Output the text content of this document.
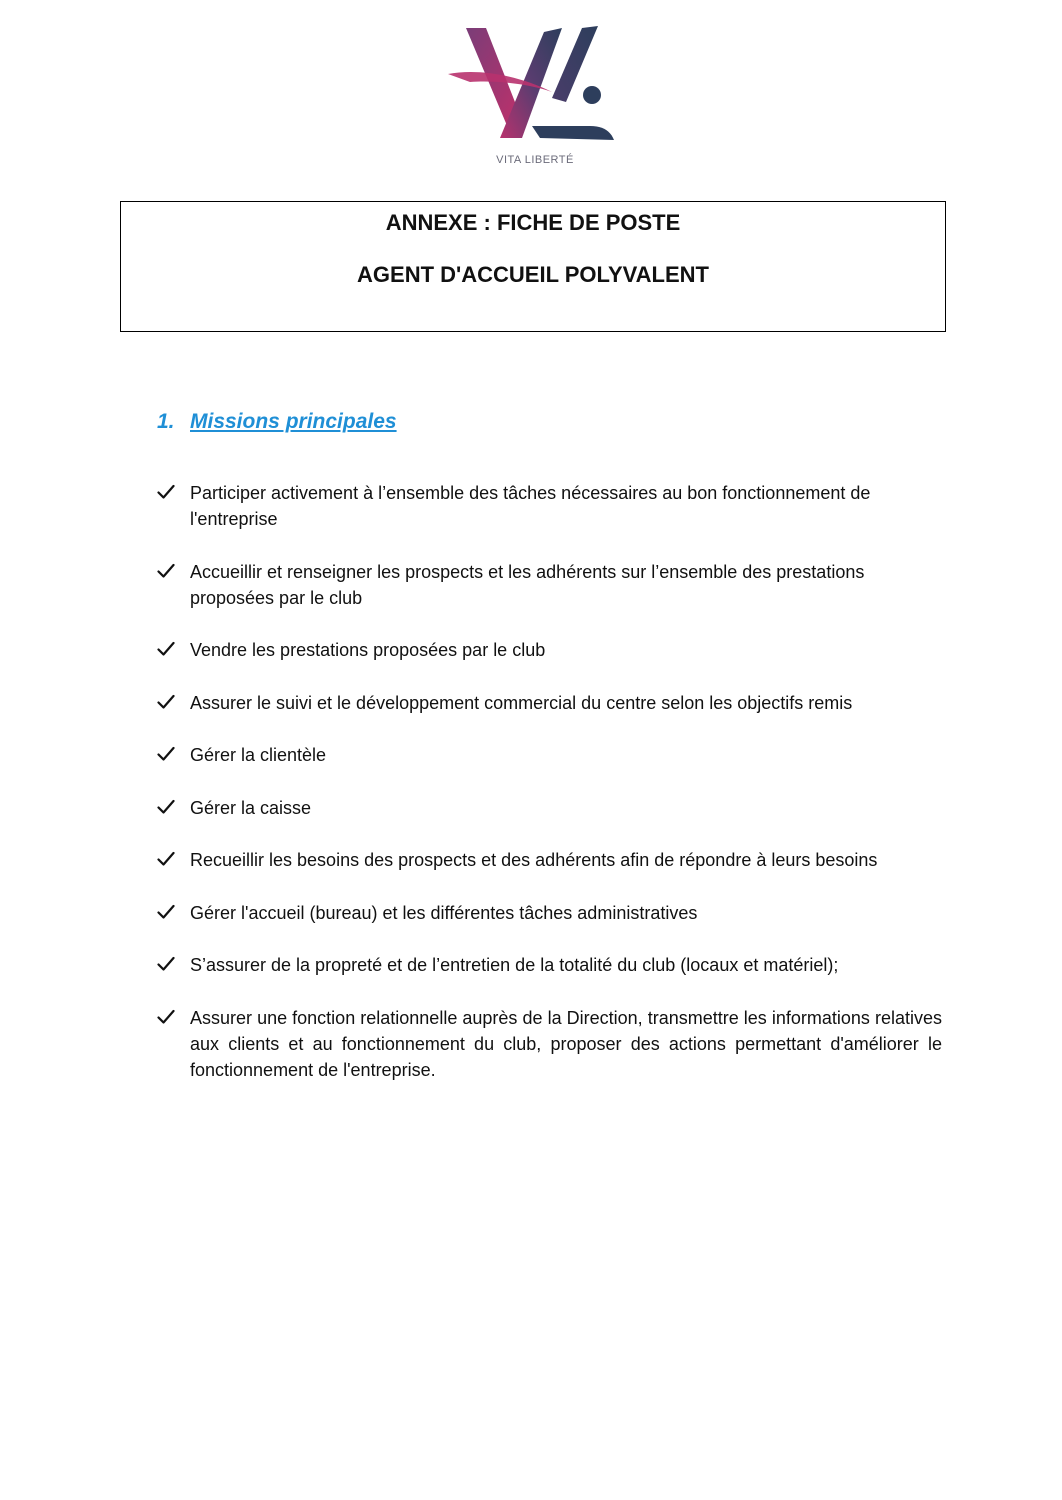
VITA LIBERTÉ
ANNEXE : FICHE DE POSTE
AGENT D'ACCUEIL POLYVALENT
1. Missions principales
Participer activement à l’ensemble des tâches nécessaires au bon fonctionnement de l'entreprise
Accueillir et renseigner les prospects et les adhérents sur l’ensemble des prestations proposées par le club
Vendre les prestations proposées par le club
Assurer le suivi et le développement commercial du centre selon les objectifs remis
Gérer la clientèle
Gérer la caisse
Recueillir les besoins des prospects et des adhérents afin de répondre à leurs besoins
Gérer l'accueil (bureau) et les différentes tâches administratives
S’assurer de la propreté et de l’entretien de la totalité du club (locaux et matériel);
Assurer une fonction relationnelle auprès de la Direction, transmettre les informations relatives aux clients et au fonctionnement du club, proposer des actions permettant d'améliorer le fonctionnement de l'entreprise.
